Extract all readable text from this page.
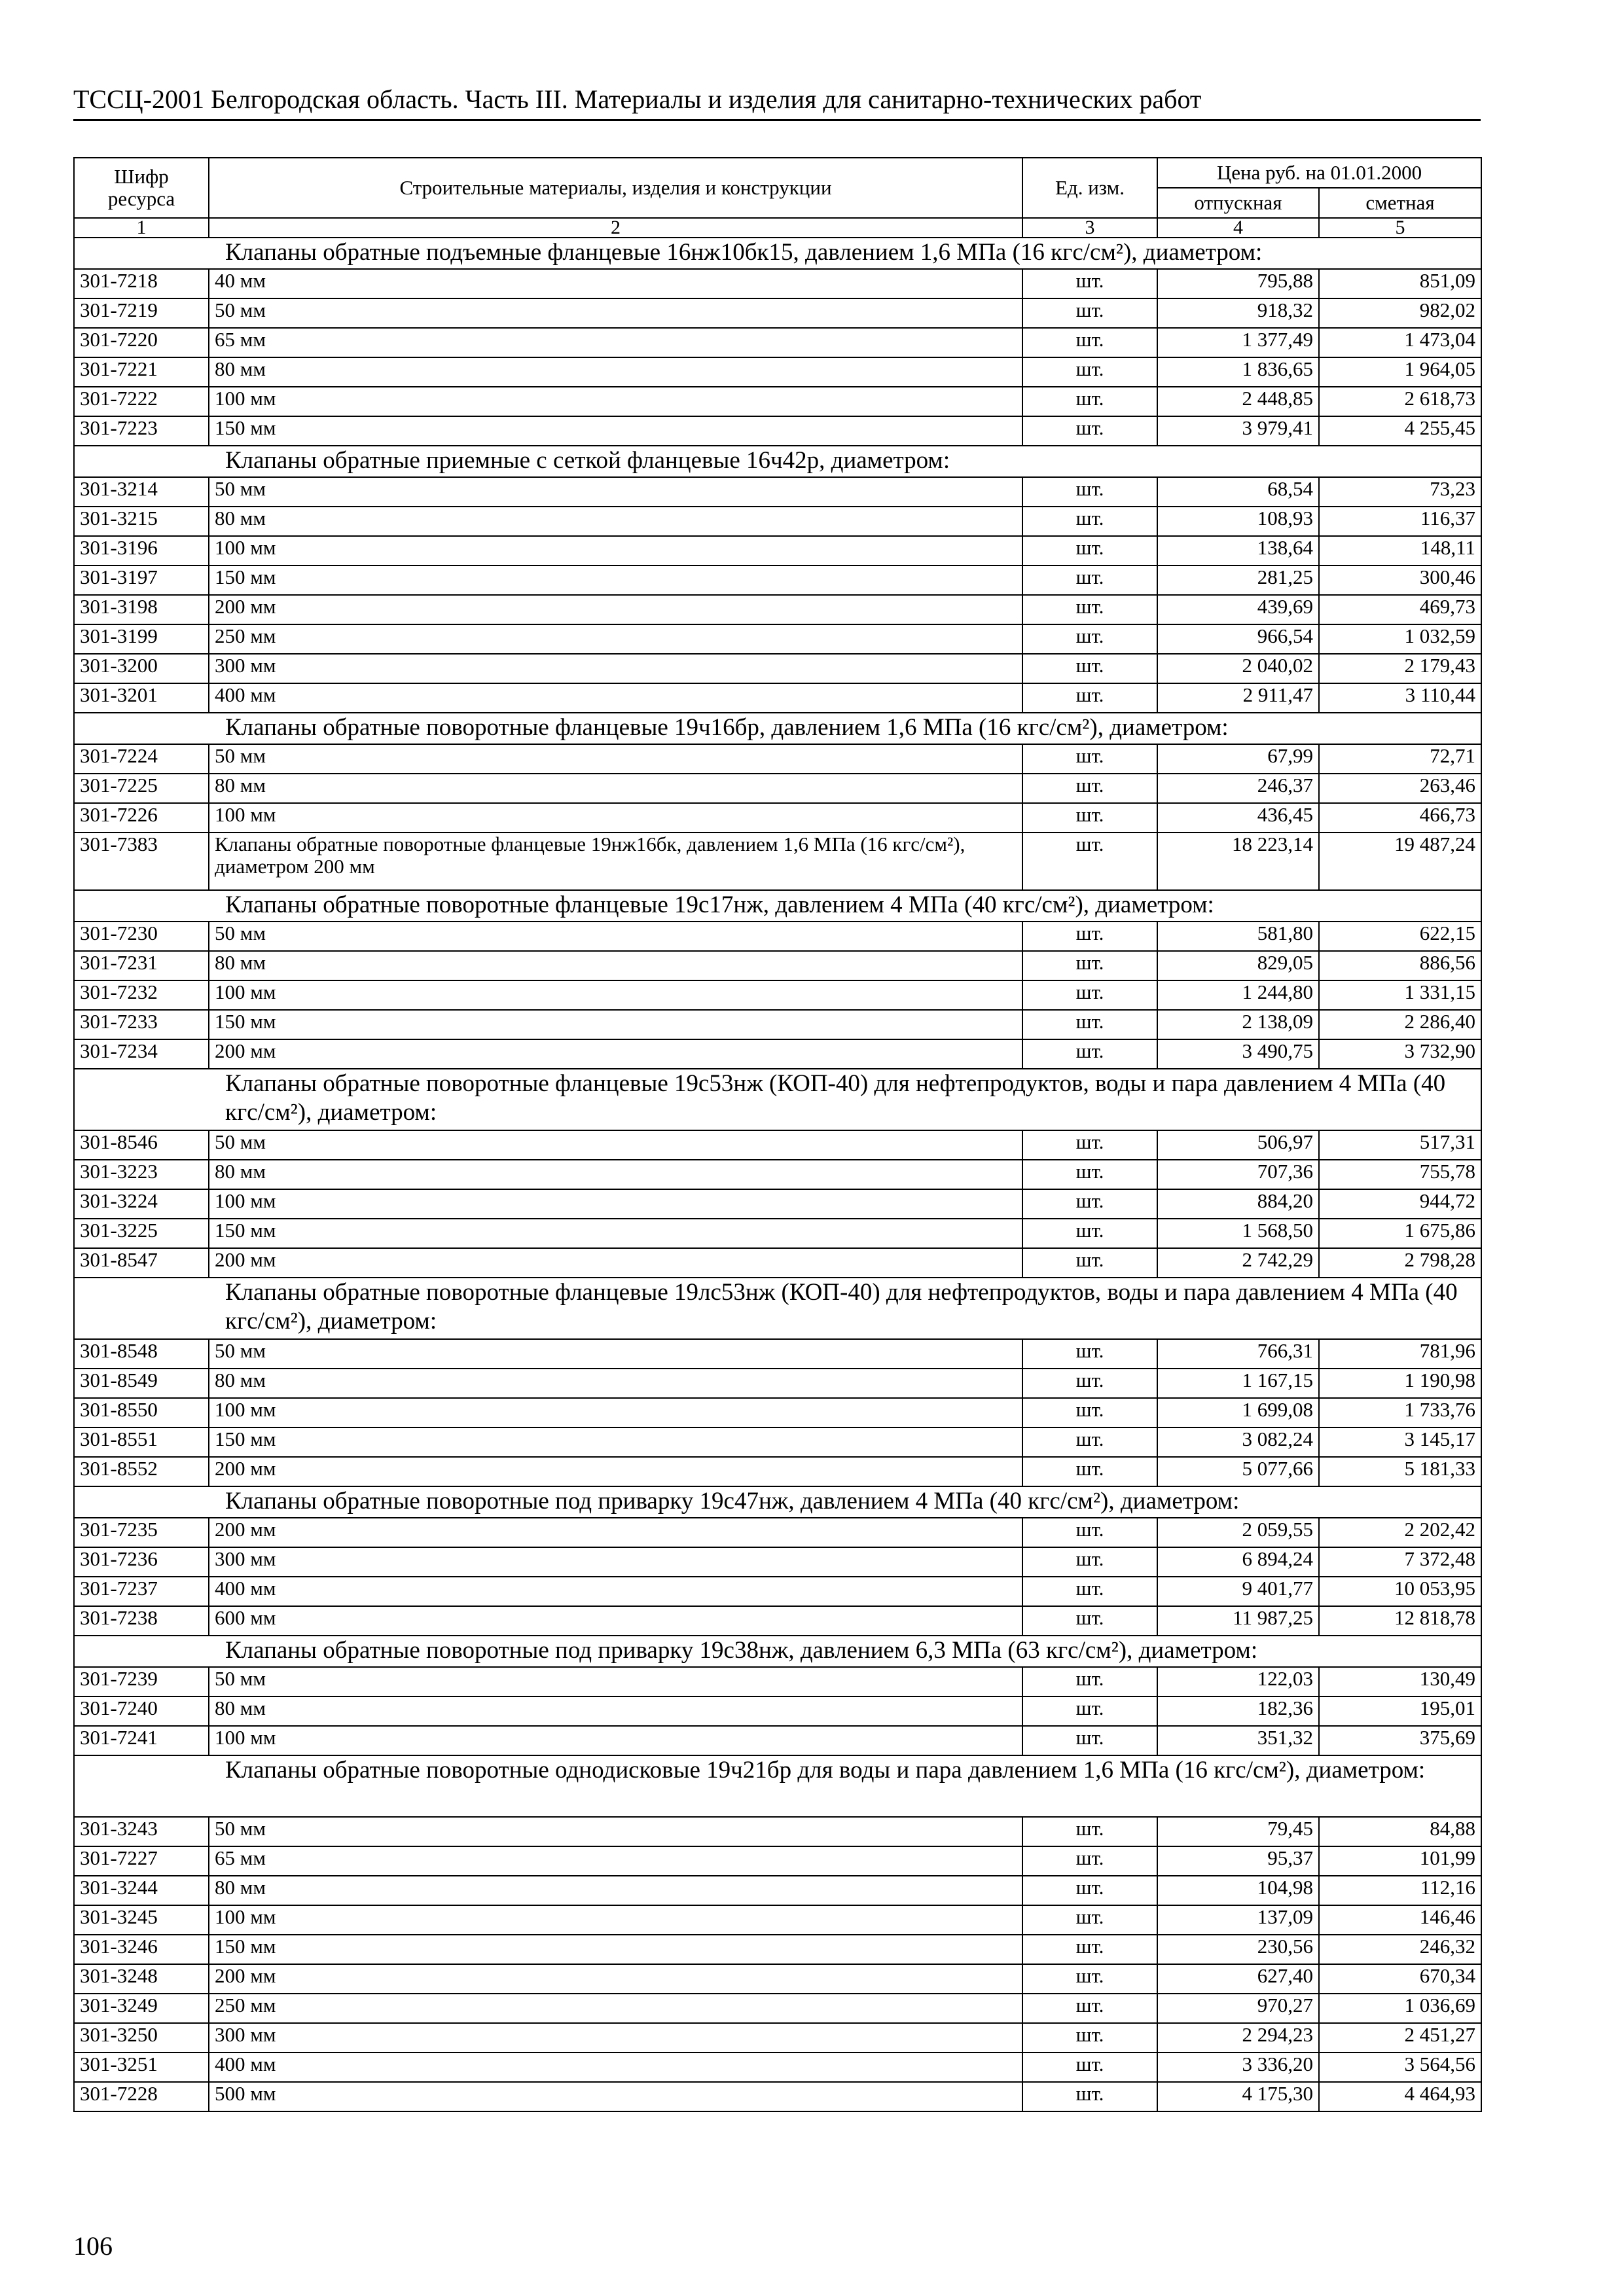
ТССЦ-2001 Белгородская область. Часть III. Материалы и изделия для санитарно-технических работ
Шифр ресурса	Строительные материалы, изделия и конструкции	Ед. изм.	Цена руб. на 01.01.2000	
			отпускная	сметная
1	2	3	4	5
Клапаны обратные подъемные фланцевые 16нж10бк15, давлением 1,6 МПа (16 кгс/см²), диаметром:				
301-7218	40 мм	шт.	795,88	851,09
301-7219	50 мм	шт.	918,32	982,02
301-7220	65 мм	шт.	1 377,49	1 473,04
301-7221	80 мм	шт.	1 836,65	1 964,05
301-7222	100 мм	шт.	2 448,85	2 618,73
301-7223	150 мм	шт.	3 979,41	4 255,45
Клапаны обратные приемные с сеткой фланцевые 16ч42р, диаметром:				
301-3214	50 мм	шт.	68,54	73,23
301-3215	80 мм	шт.	108,93	116,37
301-3196	100 мм	шт.	138,64	148,11
301-3197	150 мм	шт.	281,25	300,46
301-3198	200 мм	шт.	439,69	469,73
301-3199	250 мм	шт.	966,54	1 032,59
301-3200	300 мм	шт.	2 040,02	2 179,43
301-3201	400 мм	шт.	2 911,47	3 110,44
Клапаны обратные поворотные фланцевые 19ч16бр, давлением 1,6 МПа (16 кгс/см²), диаметром:				
301-7224	50 мм	шт.	67,99	72,71
301-7225	80 мм	шт.	246,37	263,46
301-7226	100 мм	шт.	436,45	466,73
301-7383	Клапаны обратные поворотные фланцевые 19нж16бк, давлением 1,6 МПа (16 кгс/см²), диаметром 200 мм	шт.	18 223,14	19 487,24
Клапаны обратные поворотные фланцевые 19с17нж, давлением 4 МПа (40 кгс/см²), диаметром:				
301-7230	50 мм	шт.	581,80	622,15
301-7231	80 мм	шт.	829,05	886,56
301-7232	100 мм	шт.	1 244,80	1 331,15
301-7233	150 мм	шт.	2 138,09	2 286,40
301-7234	200 мм	шт.	3 490,75	3 732,90
Клапаны обратные поворотные фланцевые 19с53нж (КОП-40) для нефтепродуктов, воды и пара давлением 4 МПа (40 кгс/см²), диаметром:				
301-8546	50 мм	шт.	506,97	517,31
301-3223	80 мм	шт.	707,36	755,78
301-3224	100 мм	шт.	884,20	944,72
301-3225	150 мм	шт.	1 568,50	1 675,86
301-8547	200 мм	шт.	2 742,29	2 798,28
Клапаны обратные поворотные фланцевые 19лс53нж (КОП-40) для нефтепродуктов, воды и пара давлением 4 МПа (40 кгс/см²), диаметром:				
301-8548	50 мм	шт.	766,31	781,96
301-8549	80 мм	шт.	1 167,15	1 190,98
301-8550	100 мм	шт.	1 699,08	1 733,76
301-8551	150 мм	шт.	3 082,24	3 145,17
301-8552	200 мм	шт.	5 077,66	5 181,33
Клапаны обратные поворотные под приварку 19с47нж, давлением 4 МПа (40 кгс/см²), диаметром:				
301-7235	200 мм	шт.	2 059,55	2 202,42
301-7236	300 мм	шт.	6 894,24	7 372,48
301-7237	400 мм	шт.	9 401,77	10 053,95
301-7238	600 мм	шт.	11 987,25	12 818,78
Клапаны обратные поворотные под приварку 19с38нж, давлением 6,3 МПа (63 кгс/см²), диаметром:				
301-7239	50 мм	шт.	122,03	130,49
301-7240	80 мм	шт.	182,36	195,01
301-7241	100 мм	шт.	351,32	375,69
Клапаны обратные поворотные однодисковые 19ч21бр для воды и пара давлением 1,6 МПа (16 кгс/см²), диаметром:				
301-3243	50 мм	шт.	79,45	84,88
301-7227	65 мм	шт.	95,37	101,99
301-3244	80 мм	шт.	104,98	112,16
301-3245	100 мм	шт.	137,09	146,46
301-3246	150 мм	шт.	230,56	246,32
301-3248	200 мм	шт.	627,40	670,34
301-3249	250 мм	шт.	970,27	1 036,69
301-3250	300 мм	шт.	2 294,23	2 451,27
301-3251	400 мм	шт.	3 336,20	3 564,56
301-7228	500 мм	шт.	4 175,30	4 464,93
106
